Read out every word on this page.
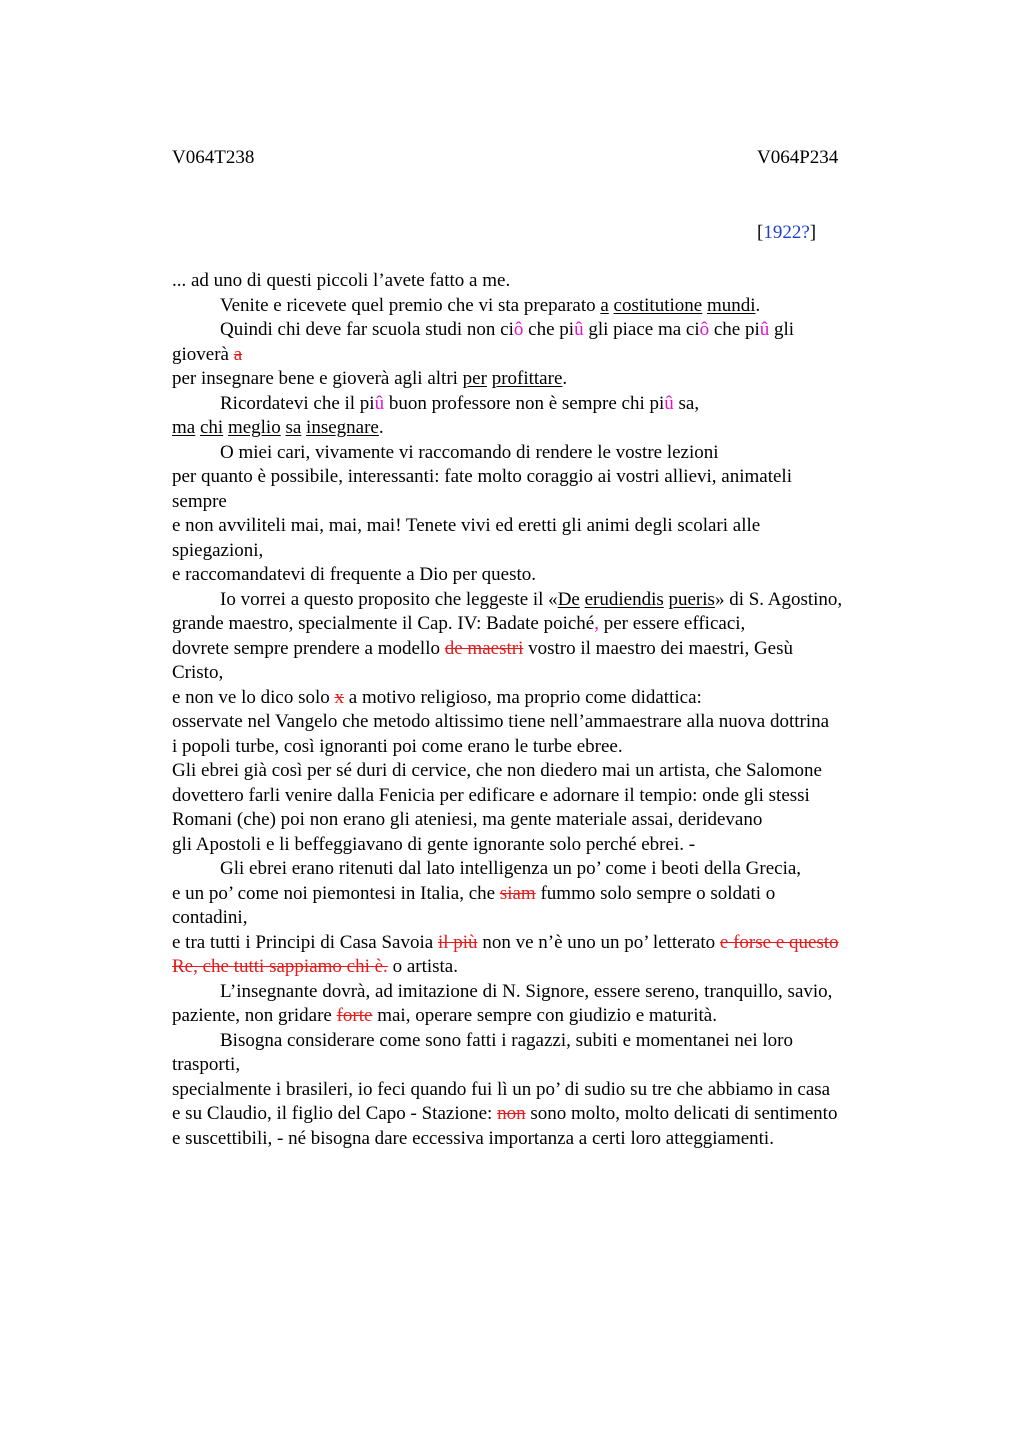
V064T238	V064P234
[1922?]
... ad uno di questi piccoli l’avete fatto a me.
Venite e ricevete quel premio che vi sta preparato a costitutione mundi.
Quindi chi deve far scuola studi non ciô che piû gli piace ma ciô che piû gli
gioverà a
per insegnare bene e gioverà agli altri per profittare.
Ricordatevi che il piû buon professore non è sempre chi piû sa,
ma chi meglio sa insegnare.
O miei cari, vivamente vi raccomando di rendere le vostre lezioni
per quanto è possibile, interessanti: fate molto coraggio ai vostri allievi, animateli
sempre
e non avviliteli mai, mai, mai! Tenete vivi ed eretti gli animi degli scolari alle
spiegazioni,
e raccomandatevi di frequente a Dio per questo.
Io vorrei a questo proposito che leggeste il «De erudiendis pueris» di S. Agostino,
grande maestro, specialmente il Cap. IV: Badate poiché, per essere efficaci,
dovrete sempre prendere a modello de maestri vostro il maestro dei maestri, Gesù
Cristo,
e non ve lo dico solo x a motivo religioso, ma proprio come didattica:
osservate nel Vangelo che metodo altissimo tiene nell’ammaestrare alla nuova dottrina
i popoli turbe, così ignoranti poi come erano le turbe ebree.
Gli ebrei già così per sé duri di cervice, che non diedero mai un artista, che Salomone
dovettero farli venire dalla Fenicia per edificare e adornare il tempio: onde gli stessi
Romani (che) poi non erano gli ateniesi, ma gente materiale assai, deridevano
gli Apostoli e li beffeggiavano di gente ignorante solo perché ebrei. -
Gli ebrei erano ritenuti dal lato intelligenza un po’ come i beoti della Grecia,
e un po’ come noi piemontesi in Italia, che siam fummo solo sempre o soldati o
contadini,
e tra tutti i Principi di Casa Savoia il più non ve n’è uno un po’ letterato e forse e questo
Re, che tutti sappiamo chi è. o artista.
L’insegnante dovrà, ad imitazione di N. Signore, essere sereno, tranquillo, savio,
paziente, non gridare forte mai, operare sempre con giudizio e maturità.
Bisogna considerare come sono fatti i ragazzi, subiti e momentanei nei loro
trasporti,
specialmente i brasileri, io feci quando fui lì un po’ di sudio su tre che abbiamo in casa
e su Claudio, il figlio del Capo - Stazione: non sono molto, molto delicati di sentimento
e suscettibili, - né bisogna dare eccessiva importanza a certi loro atteggiamenti.
